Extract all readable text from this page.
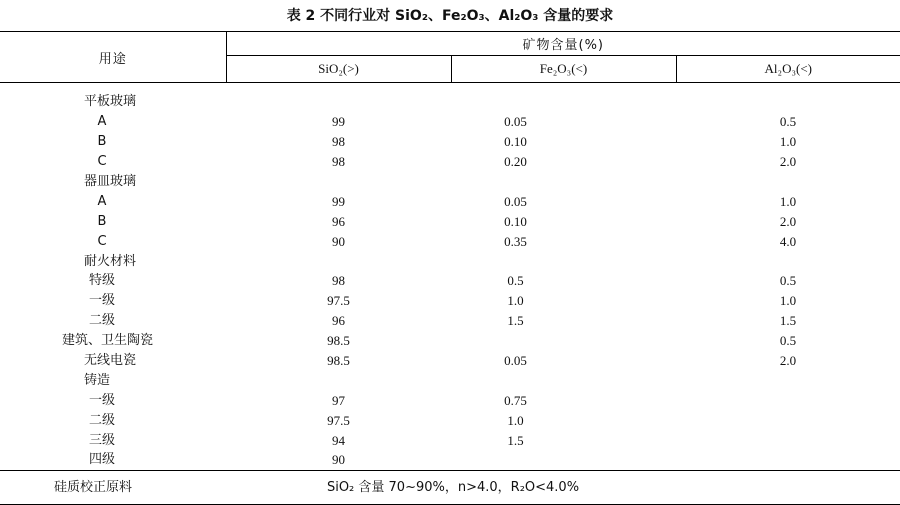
表 2 不同行业对 SiO₂、Fe₂O₃、Al₂O₃ 含量的要求
用途	矿物含量(%)		
	SiO₂(>)	Fe₂O₃(<)	Al₂O₃(<)

平板玻璃			
A	99	0.05	0.5
B	98	0.10	1.0
C	98	0.20	2.0
器皿玻璃			
A	99	0.05	1.0
B	96	0.10	2.0
C	90	0.35	4.0
耐火材料			
特级	98	0.5	0.5
一级	97.5	1.0	1.0
二级	96	1.5	1.5
建筑、卫生陶瓷	98.5		0.5
无线电瓷	98.5	0.05	2.0
铸造			
一级	97	0.75	
二级	97.5	1.0	
三级	94	1.5	
四级	90		
硅质校正原料	SiO₂ 含量 70~90%，n>4.0，R₂O<4.0%		
